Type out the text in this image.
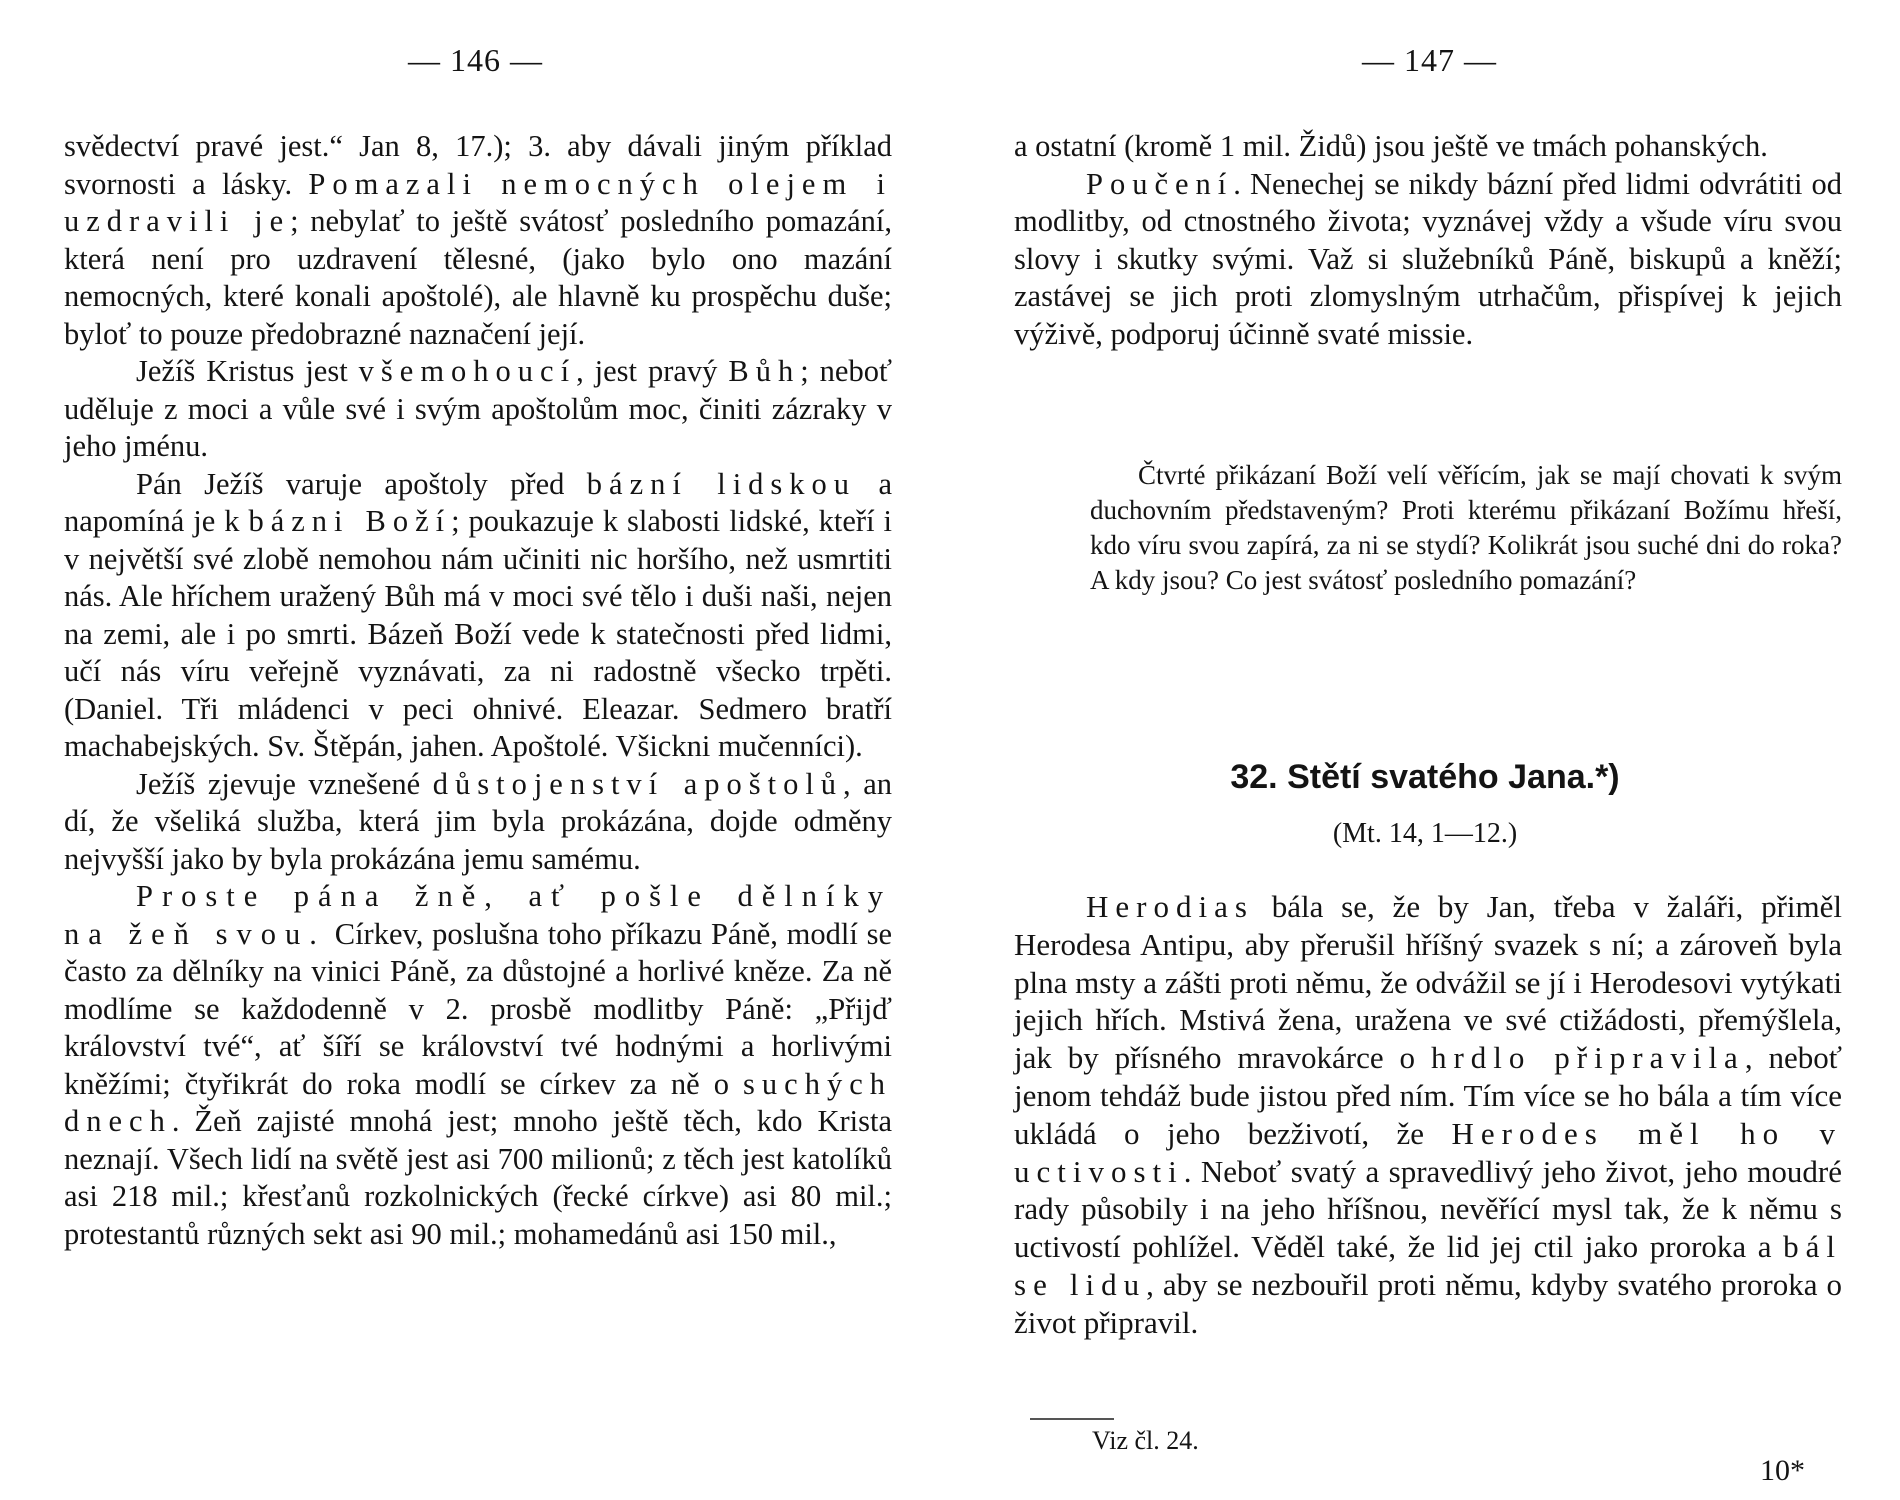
— 146 —

svědectví pravé jest.“ Jan 8, 17.); 3. aby dávali jiným příklad svornosti a lásky. Pomazali nemocných olejem i uzdravili je; nebylať to ještě svátosť posledního pomazání, která není pro uzdravení tělesné, (jako bylo ono mazání nemocných, které konali apoštolé), ale hlavně ku prospěchu duše; bylоť to pouze předobrazné naznačení její.

Ježíš Kristus jest všemohoucí, jest pravý Bůh; neboť uděluje z moci a vůle své i svým apoštolům moc, činiti zázraky v jeho jménu.

Pán Ježíš varuje apoštoly před bázní lidskou a napomíná je k bázni Boží; poukazuje k slabosti lidské, kteří i v největší své zlobě nemohou nám učiniti nic horšího, než usmrtiti nás. Ale hříchem uražený Bůh má v moci své tělo i duši naši, nejen na zemi, ale i po smrti. Bázeň Boží vede k statečnosti před lidmi, učí nás víru veřejně vyznávati, za ni radostně všecko trpěti. (Daniel. Tři mládenci v peci ohnivé. Eleazar. Sedmero bratří machabejských. Sv. Štěpán, jahen. Apoštolé. Všickni mučenníci).

Ježíš zjevuje vznešené důstojenství apoštolů, an dí, že všeliká služba, která jim byla prokázána, dojde odměny nejvyšší jako by byla prokázána jemu samému.

Proste pána žně, ať pošle dělníky na žeň svou. Církev, poslušna toho příkazu Páně, modlí se často za dělníky na vinici Páně, za důstojné a horlivé kněze. Za ně modlíme se každodenně v 2. prosbě modlitby Páně: „Přijď království tvé“, ať šíří se království tvé hodnými a horlivými kněžími; čtyřikrát do roka modlí se církev za ně o suchých dnech. Žeň zajisté mnohá jest; mnoho ještě těch, kdo Krista neznají. Všech lidí na světě jest asi 700 milionů; z těch jest katolíků asi 218 mil.; křesťanů rozkolnických (řecké církve) asi 80 mil.; protestantů různých sekt asi 90 mil.; mohamedánů asi 150 mil.,

— 147 —

a ostatní (kromě 1 mil. Židů) jsou ještě ve tmách pohanských.

Poučení. Nenechej se nikdy bázní před lidmi odvrátiti od modlitby, od ctnostného života; vyznávej vždy a všude víru svou slovy i skutky svými. Važ si služebníků Páně, biskupů a kněží; zastávej se jich proti zlomyslným utrhačům, přispívej k jejich výživě, podporuj účinně svaté missie.

Čtvrté přikázaní Boží velí věřícím, jak se mají chovati k svým duchovním představeným? Proti kterému přikázaní Božímu hřeší, kdo víru svou zapírá, za ni se stydí? Kolikrát jsou suché dni do roka? A kdy jsou? Co jest svátosť posledního pomazání?
32. Stětí svatého Jana.*)
(Mt. 14, 1—12.)

Herodias bála se, že by Jan, třeba v žaláři, přiměl Herodesa Antipu, aby přerušil hříšný svazek s ní; a zároveň byla plna msty a zášti proti němu, že odvážil se jí i Herodesovi vytýkati jejich hřích. Mstivá žena, uražena ve své ctižádosti, přemýšlela, jak by přísného mravokárce o hrdlo připravila, neboť jenom tehdáž bude jistou před ním. Tím více se ho bála a tím více ukládá o jeho bezživotí, že Herodes měl ho v uctivosti. Neboť svatý a spravedlivý jeho život, jeho moudré rady působily i na jeho hříšnou, nevěřící mysl tak, že k němu s uctivostí pohlížel. Věděl také, že lid jej ctil jako proroka a bál se lidu, aby se nezbouřil proti němu, kdyby svatého proroka o život připravil.

Viz čl. 24.
10*
